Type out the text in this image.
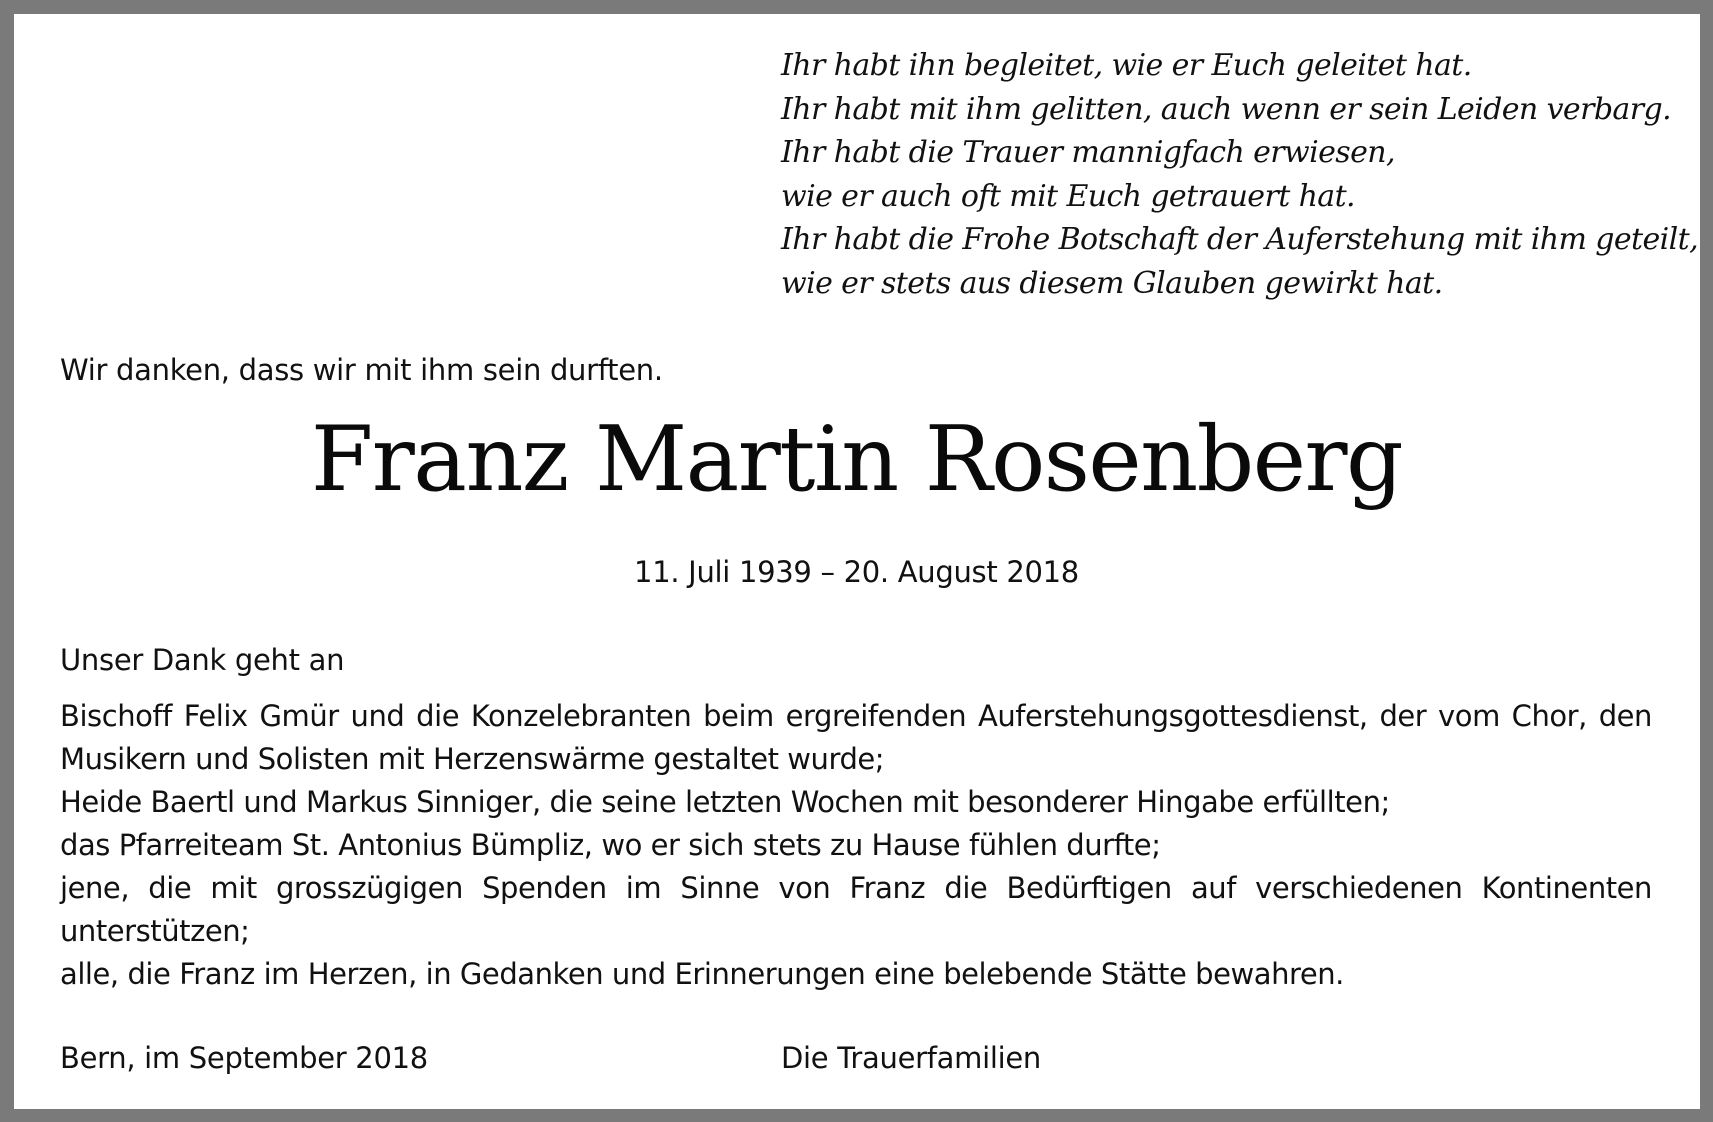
Ihr habt ihn begleitet, wie er Euch geleitet hat.
Ihr habt mit ihm gelitten, auch wenn er sein Leiden verbarg.
Ihr habt die Trauer mannigfach erwiesen,
wie er auch oft mit Euch getrauert hat.
Ihr habt die Frohe Botschaft der Auferstehung mit ihm geteilt,
wie er stets aus diesem Glauben gewirkt hat.
Wir danken, dass wir mit ihm sein durften.
Franz Martin Rosenberg
11. Juli 1939 – 20. August 2018
Unser Dank geht an
Bischoff Felix Gmür und die Konzelebranten beim ergreifenden Auferstehungsgottesdienst, der vom Chor, den Musikern und Solisten mit Herzenswärme gestaltet wurde;
Heide Baertl und Markus Sinniger, die seine letzten Wochen mit besonderer Hingabe erfüllten;
das Pfarreiteam St. Antonius Bümpliz, wo er sich stets zu Hause fühlen durfte;
jene, die mit grosszügigen Spenden im Sinne von Franz die Bedürftigen auf verschiedenen Kontinenten unterstützen;
alle, die Franz im Herzen, in Gedanken und Erinnerungen eine belebende Stätte bewahren.
Bern, im September 2018	Die Trauerfamilien
